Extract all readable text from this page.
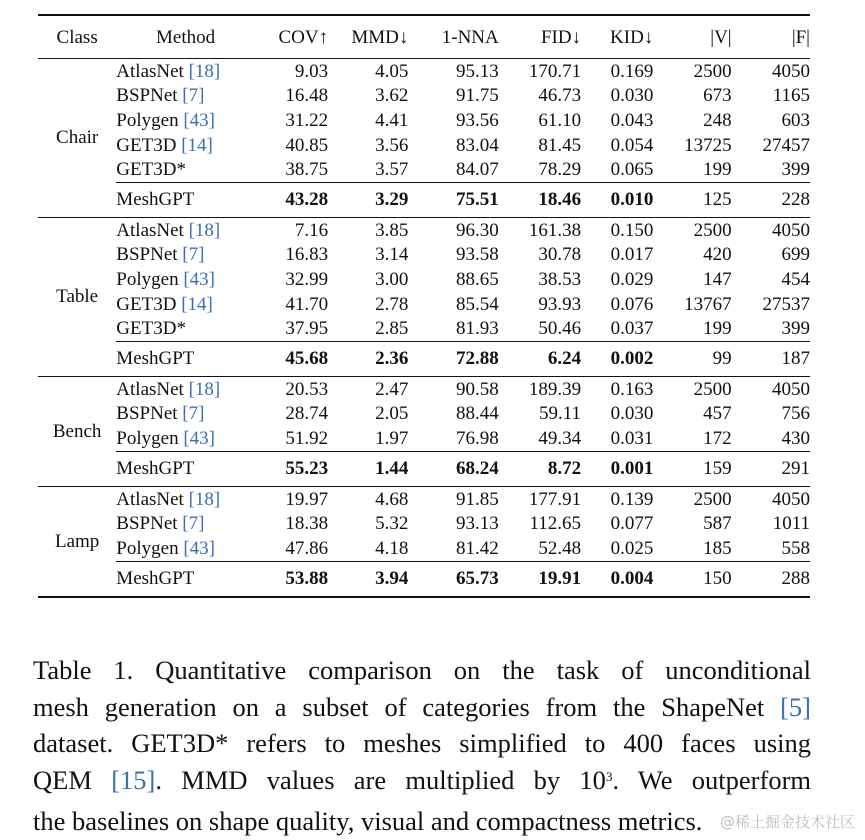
Class	Method	COV↑	MMD↓	1-NNA	FID↓	KID↓	|V|	|F|
Chair	AtlasNet [18]	9.03	4.05	95.13	170.71	0.169	2500	4050
	BSPNet [7]	16.48	3.62	91.75	46.73	0.030	673	1165
	Polygen [43]	31.22	4.41	93.56	61.10	0.043	248	603
	GET3D [14]	40.85	3.56	83.04	81.45	0.054	13725	27457
	GET3D*	38.75	3.57	84.07	78.29	0.065	199	399
	MeshGPT	43.28	3.29	75.51	18.46	0.010	125	228
Table	AtlasNet [18]	7.16	3.85	96.30	161.38	0.150	2500	4050
	BSPNet [7]	16.83	3.14	93.58	30.78	0.017	420	699
	Polygen [43]	32.99	3.00	88.65	38.53	0.029	147	454
	GET3D [14]	41.70	2.78	85.54	93.93	0.076	13767	27537
	GET3D*	37.95	2.85	81.93	50.46	0.037	199	399
	MeshGPT	45.68	2.36	72.88	6.24	0.002	99	187
Bench	AtlasNet [18]	20.53	2.47	90.58	189.39	0.163	2500	4050
	BSPNet [7]	28.74	2.05	88.44	59.11	0.030	457	756
	Polygen [43]	51.92	1.97	76.98	49.34	0.031	172	430
	MeshGPT	55.23	1.44	68.24	8.72	0.001	159	291
Lamp	AtlasNet [18]	19.97	4.68	91.85	177.91	0.139	2500	4050
	BSPNet [7]	18.38	5.32	93.13	112.65	0.077	587	1011
	Polygen [43]	47.86	4.18	81.42	52.48	0.025	185	558
	MeshGPT	53.88	3.94	65.73	19.91	0.004	150	288
Table 1. Quantitative comparison on the task of unconditional
mesh generation on a subset of categories from the ShapeNet [5]
dataset. GET3D* refers to meshes simplified to 400 faces using
QEM [15]. MMD values are multiplied by $10^3$. We outperform
the baselines on shape quality, visual and compactness metrics.	@稀土掘金技术社区
